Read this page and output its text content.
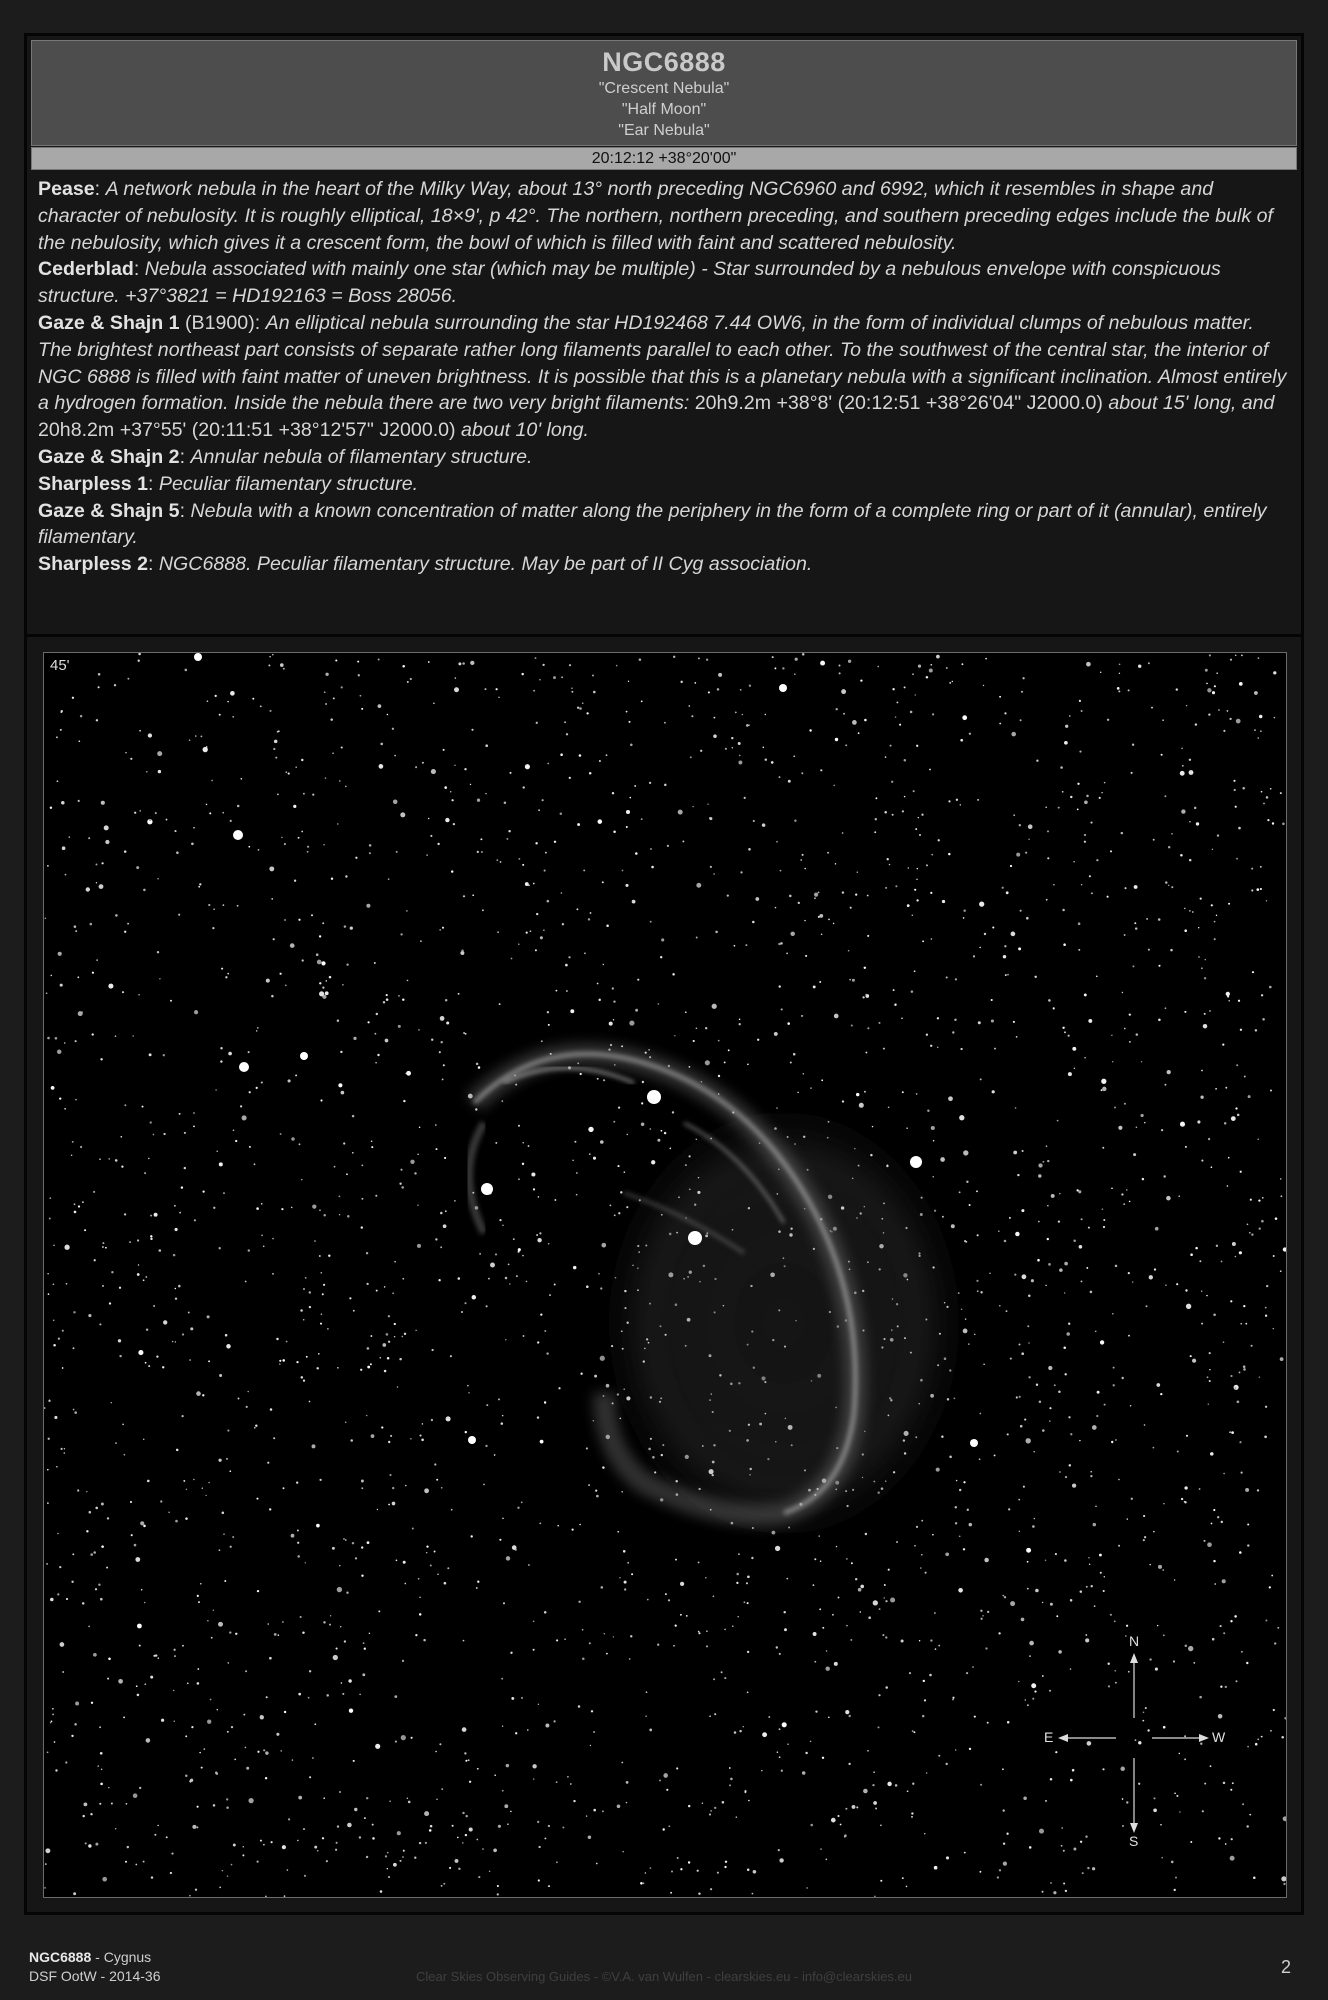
NGC6888
"Crescent Nebula"
"Half Moon"
"Ear Nebula"
20:12:12 +38°20'00"

Pease: A network nebula in the heart of the Milky Way, about 13° north preceding NGC6960 and 6992, which it resembles in shape and character of nebulosity. It is roughly elliptical, 18×9', p 42°. The northern, northern preceding, and southern preceding edges include the bulk of the nebulosity, which gives it a crescent form, the bowl of which is filled with faint and scattered nebulosity.

Cederblad: Nebula associated with mainly one star (which may be multiple) - Star surrounded by a nebulous envelope with conspicuous structure. +37°3821 = HD192163 = Boss 28056.

Gaze & Shajn 1 (B1900): An elliptical nebula surrounding the star HD192468 7.44 OW6, in the form of individual clumps of nebulous matter. The brightest northeast part consists of separate rather long filaments parallel to each other. To the southwest of the central star, the interior of NGC 6888 is filled with faint matter of uneven brightness. It is possible that this is a planetary nebula with a significant inclination. Almost entirely a hydrogen formation. Inside the nebula there are two very bright filaments: 20h9.2m +38°8' (20:12:51 +38°26'04" J2000.0) about 15' long, and 20h8.2m +37°55' (20:11:51 +38°12'57" J2000.0) about 10' long.

Gaze & Shajn 2: Annular nebula of filamentary structure.

Sharpless 1: Peculiar filamentary structure.

Gaze & Shajn 5: Nebula with a known concentration of matter along the periphery in the form of a complete ring or part of it (annular), entirely filamentary.

Sharpless 2: NGC6888. Peculiar filamentary structure. May be part of II Cyg association.

45'
N
S
E	W
NGC6888 - Cygnus
DSF OotW - 2014-36	Clear Skies Observing Guides - ©V.A. van Wulfen - clearskies.eu - info@clearskies.eu	2
